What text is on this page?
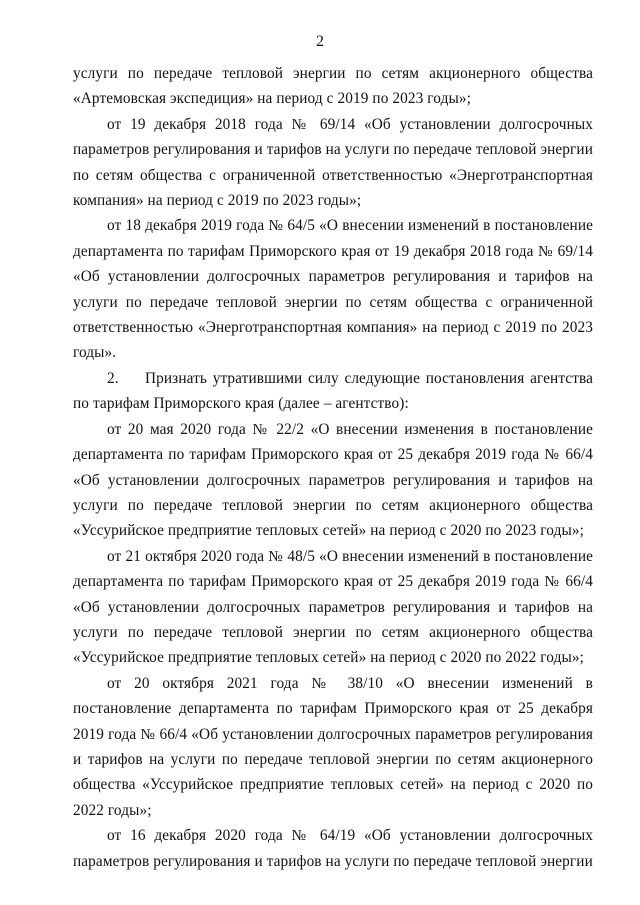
2

услуги по передаче тепловой энергии по сетям акционерного общества «Артемовская экспедиция» на период с 2019 по 2023 годы»;

от 19 декабря 2018 года № 69/14 «Об установлении долгосрочных параметров регулирования и тарифов на услуги по передаче тепловой энергии по сетям общества с ограниченной ответственностью «Энерготранспортная компания» на период с 2019 по 2023 годы»;

от 18 декабря 2019 года № 64/5 «О внесении изменений в постановление департамента по тарифам Приморского края от 19 декабря 2018 года № 69/14 «Об установлении долгосрочных параметров регулирования и тарифов на услуги по передаче тепловой энергии по сетям общества с ограниченной ответственностью «Энерготранспортная компания» на период с 2019 по 2023 годы».

2. Признать утратившими силу следующие постановления агентства по тарифам Приморского края (далее – агентство):

от 20 мая 2020 года № 22/2 «О внесении изменения в постановление департамента по тарифам Приморского края от 25 декабря 2019 года № 66/4 «Об установлении долгосрочных параметров регулирования и тарифов на услуги по передаче тепловой энергии по сетям акционерного общества «Уссурийское предприятие тепловых сетей» на период с 2020 по 2023 годы»;

от 21 октября 2020 года № 48/5 «О внесении изменений в постановление департамента по тарифам Приморского края от 25 декабря 2019 года № 66/4 «Об установлении долгосрочных параметров регулирования и тарифов на услуги по передаче тепловой энергии по сетям акционерного общества «Уссурийское предприятие тепловых сетей» на период с 2020 по 2022 годы»;

от 20 октября 2021 года № 38/10 «О внесении изменений в постановление департамента по тарифам Приморского края от 25 декабря 2019 года № 66/4 «Об установлении долгосрочных параметров регулирования и тарифов на услуги по передаче тепловой энергии по сетям акционерного общества «Уссурийское предприятие тепловых сетей» на период с 2020 по 2022 годы»;

от 16 декабря 2020 года № 64/19 «Об установлении долгосрочных параметров регулирования и тарифов на услуги по передаче тепловой энергии
